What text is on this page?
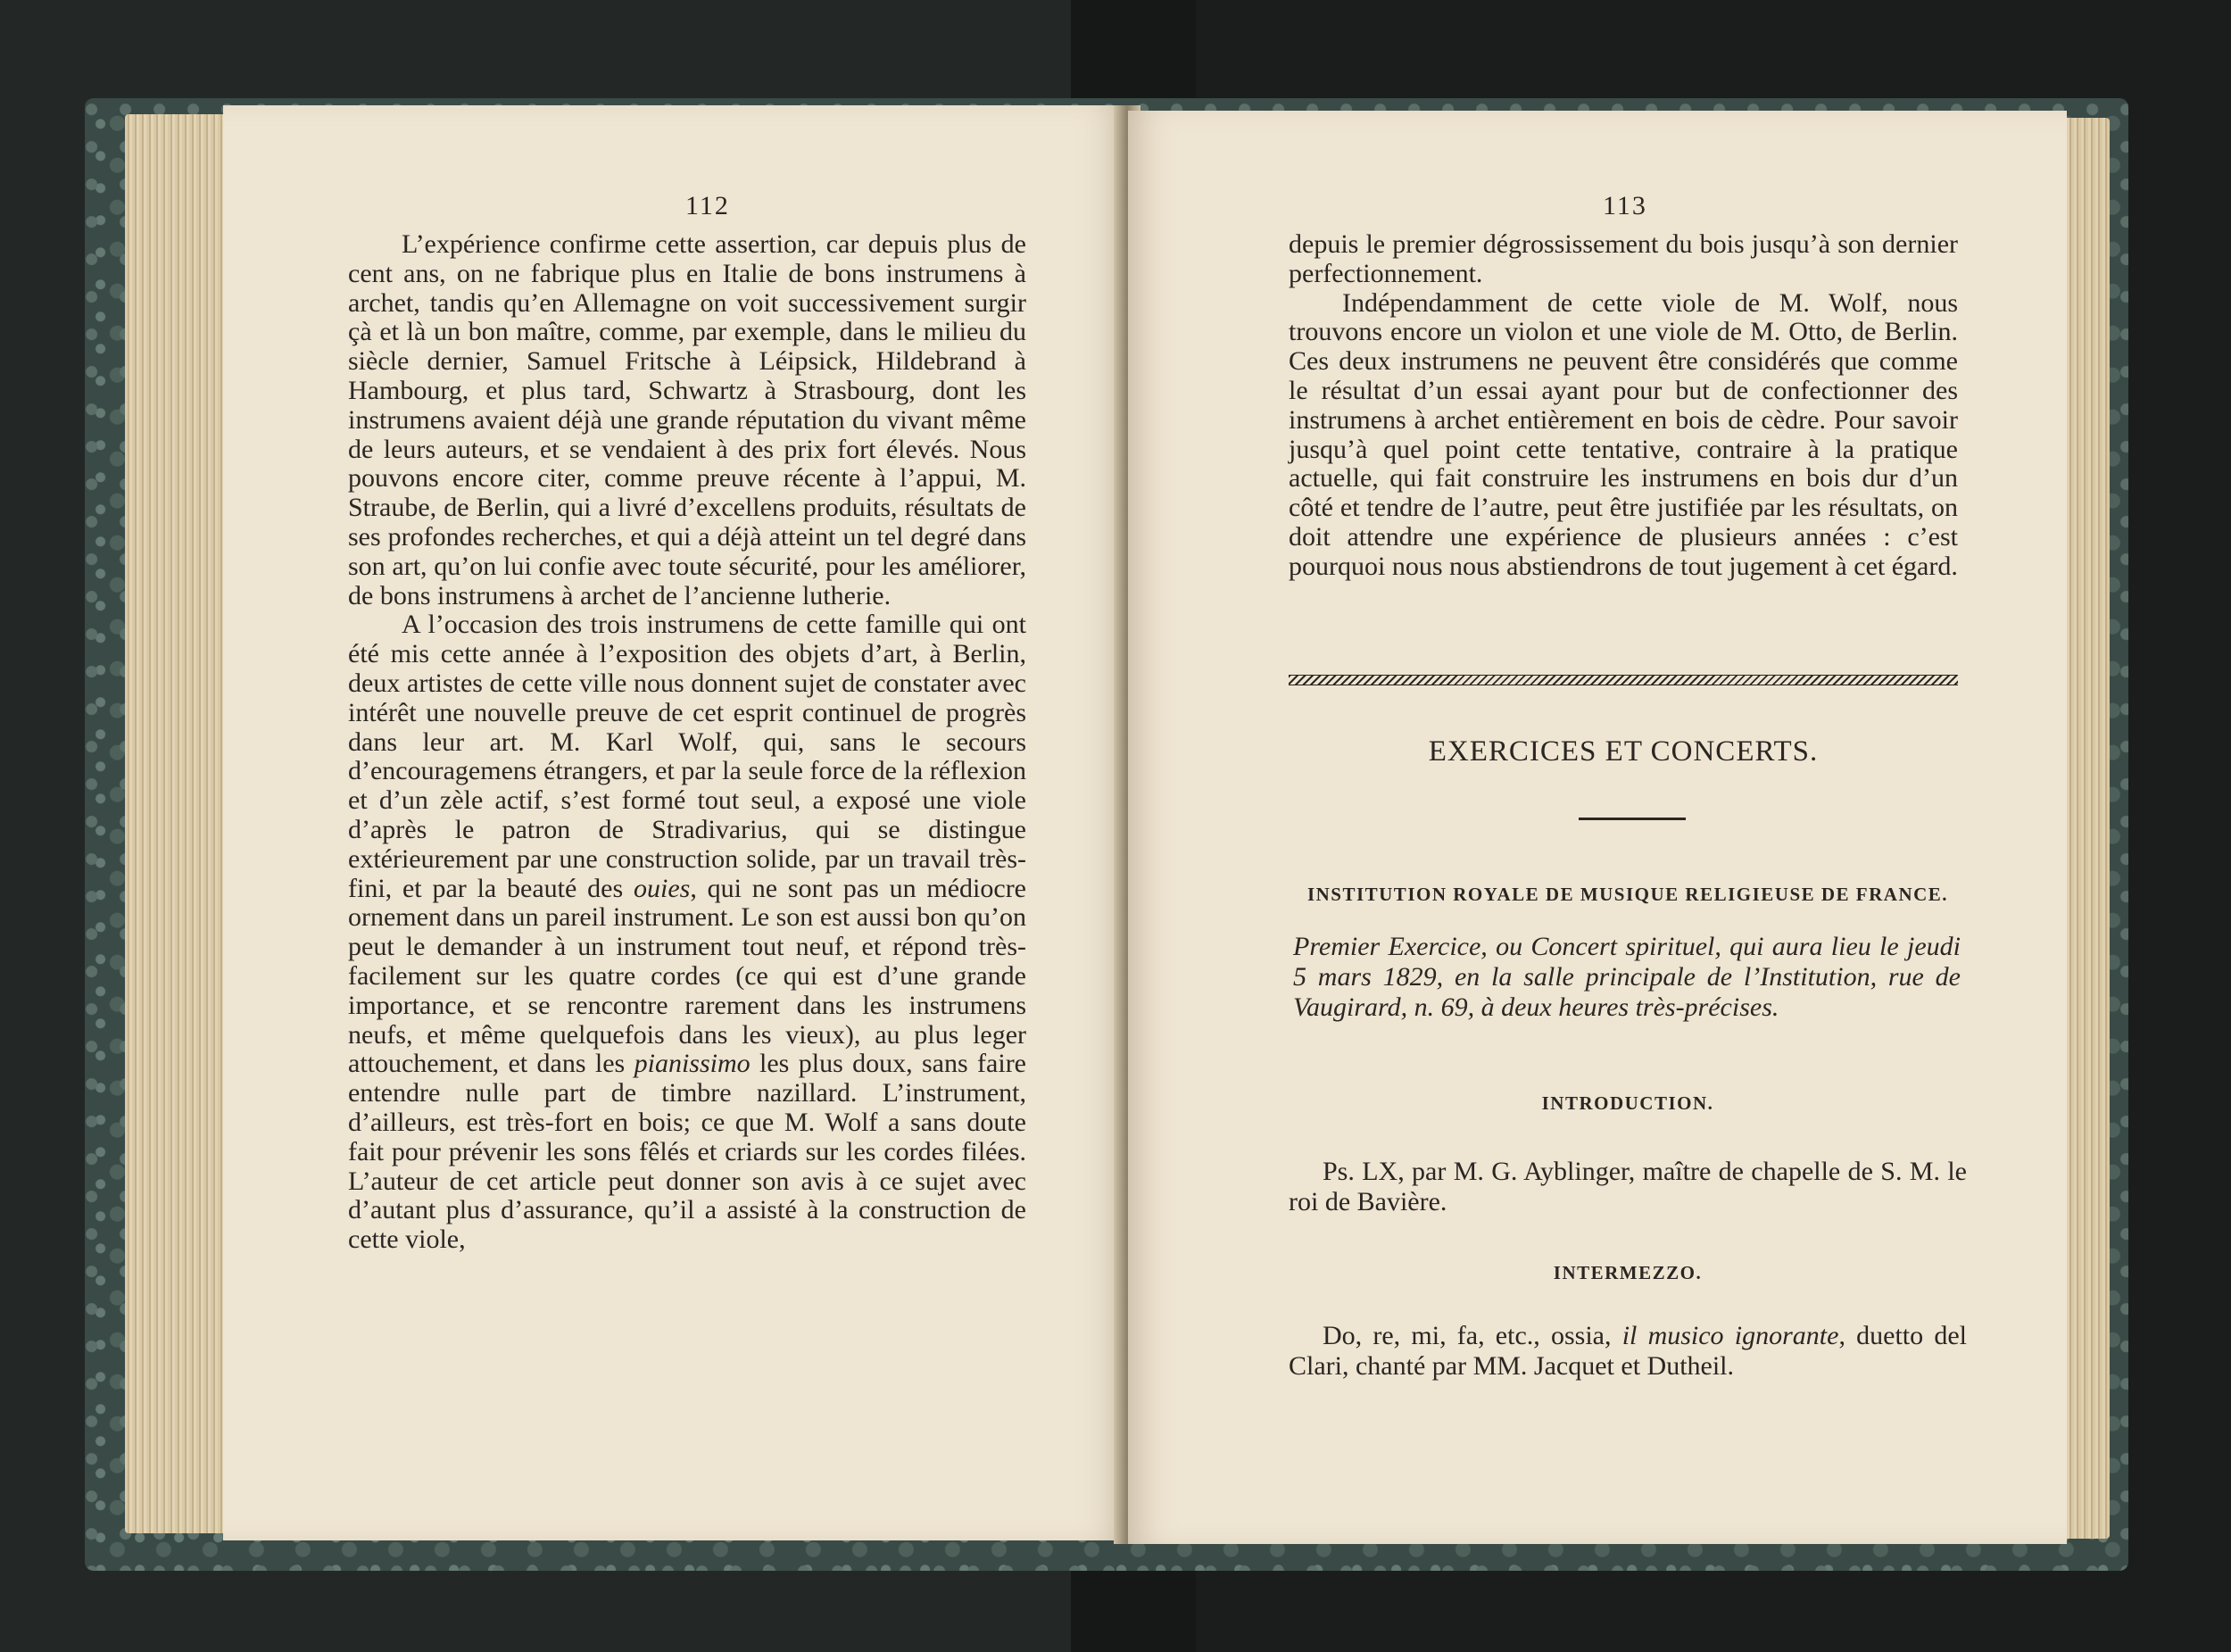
112

L’expérience confirme cette assertion, car depuis plus de cent ans, on ne fabrique plus en Italie de bons instrumens à archet, tandis qu’en Allemagne on voit successivement surgir çà et là un bon maître, comme, par exemple, dans le milieu du siècle dernier, Samuel Fritsche à Léipsick, Hildebrand à Hambourg, et plus tard, Schwartz à Strasbourg, dont les instrumens avaient déjà une grande réputation du vivant même de leurs auteurs, et se vendaient à des prix fort élevés. Nous pouvons encore citer, comme preuve récente à l’appui, M. Straube, de Berlin, qui a livré d’excellens produits, résultats de ses profondes recherches, et qui a déjà atteint un tel degré dans son art, qu’on lui confie avec toute sécurité, pour les améliorer, de bons instrumens à archet de l’ancienne lutherie.

A l’occasion des trois instrumens de cette famille qui ont été mis cette année à l’exposition des objets d’art, à Berlin, deux artistes de cette ville nous donnent sujet de constater avec intérêt une nouvelle preuve de cet esprit continuel de progrès dans leur art. M. Karl Wolf, qui, sans le secours d’encouragemens étrangers, et par la seule force de la réflexion et d’un zèle actif, s’est formé tout seul, a exposé une viole d’après le patron de Stradivarius, qui se distingue extérieurement par une construction solide, par un travail très-fini, et par la beauté des ouies, qui ne sont pas un médiocre ornement dans un pareil instrument. Le son est aussi bon qu’on peut le demander à un instrument tout neuf, et répond très-facilement sur les quatre cordes (ce qui est d’une grande importance, et se rencontre rarement dans les instrumens neufs, et même quelquefois dans les vieux), au plus leger attouchement, et dans les pianissimo les plus doux, sans faire entendre nulle part de timbre nazillard. L’instrument, d’ailleurs, est très-fort en bois; ce que M. Wolf a sans doute fait pour prévenir les sons fêlés et criards sur les cordes filées. L’auteur de cet article peut donner son avis à ce sujet avec d’autant plus d’assurance, qu’il a assisté à la construction de cette viole,

113

depuis le premier dégrossissement du bois jusqu’à son dernier perfectionnement.

Indépendamment de cette viole de M. Wolf, nous trouvons encore un violon et une viole de M. Otto, de Berlin. Ces deux instrumens ne peuvent être considérés que comme le résultat d’un essai ayant pour but de confectionner des instrumens à archet entièrement en bois de cèdre. Pour savoir jusqu’à quel point cette tentative, contraire à la pratique actuelle, qui fait construire les instrumens en bois dur d’un côté et tendre de l’autre, peut être justifiée par les résultats, on doit attendre une expérience de plusieurs années : c’est pourquoi nous nous abstiendrons de tout jugement à cet égard.

EXERCICES ET CONCERTS.
INSTITUTION ROYALE DE MUSIQUE RELIGIEUSE DE FRANCE.
Premier Exercice, ou Concert spirituel, qui aura lieu le jeudi 5 mars 1829, en la salle principale de l’Institution, rue de Vaugirard, n. 69, à deux heures très-précises.
INTRODUCTION.
Ps. LX, par M. G. Ayblinger, maître de chapelle de S. M. le roi de Bavière.
INTERMEZZO.
Do, re, mi, fa, etc., ossia, il musico ignorante, duetto del Clari, chanté par MM. Jacquet et Dutheil.
